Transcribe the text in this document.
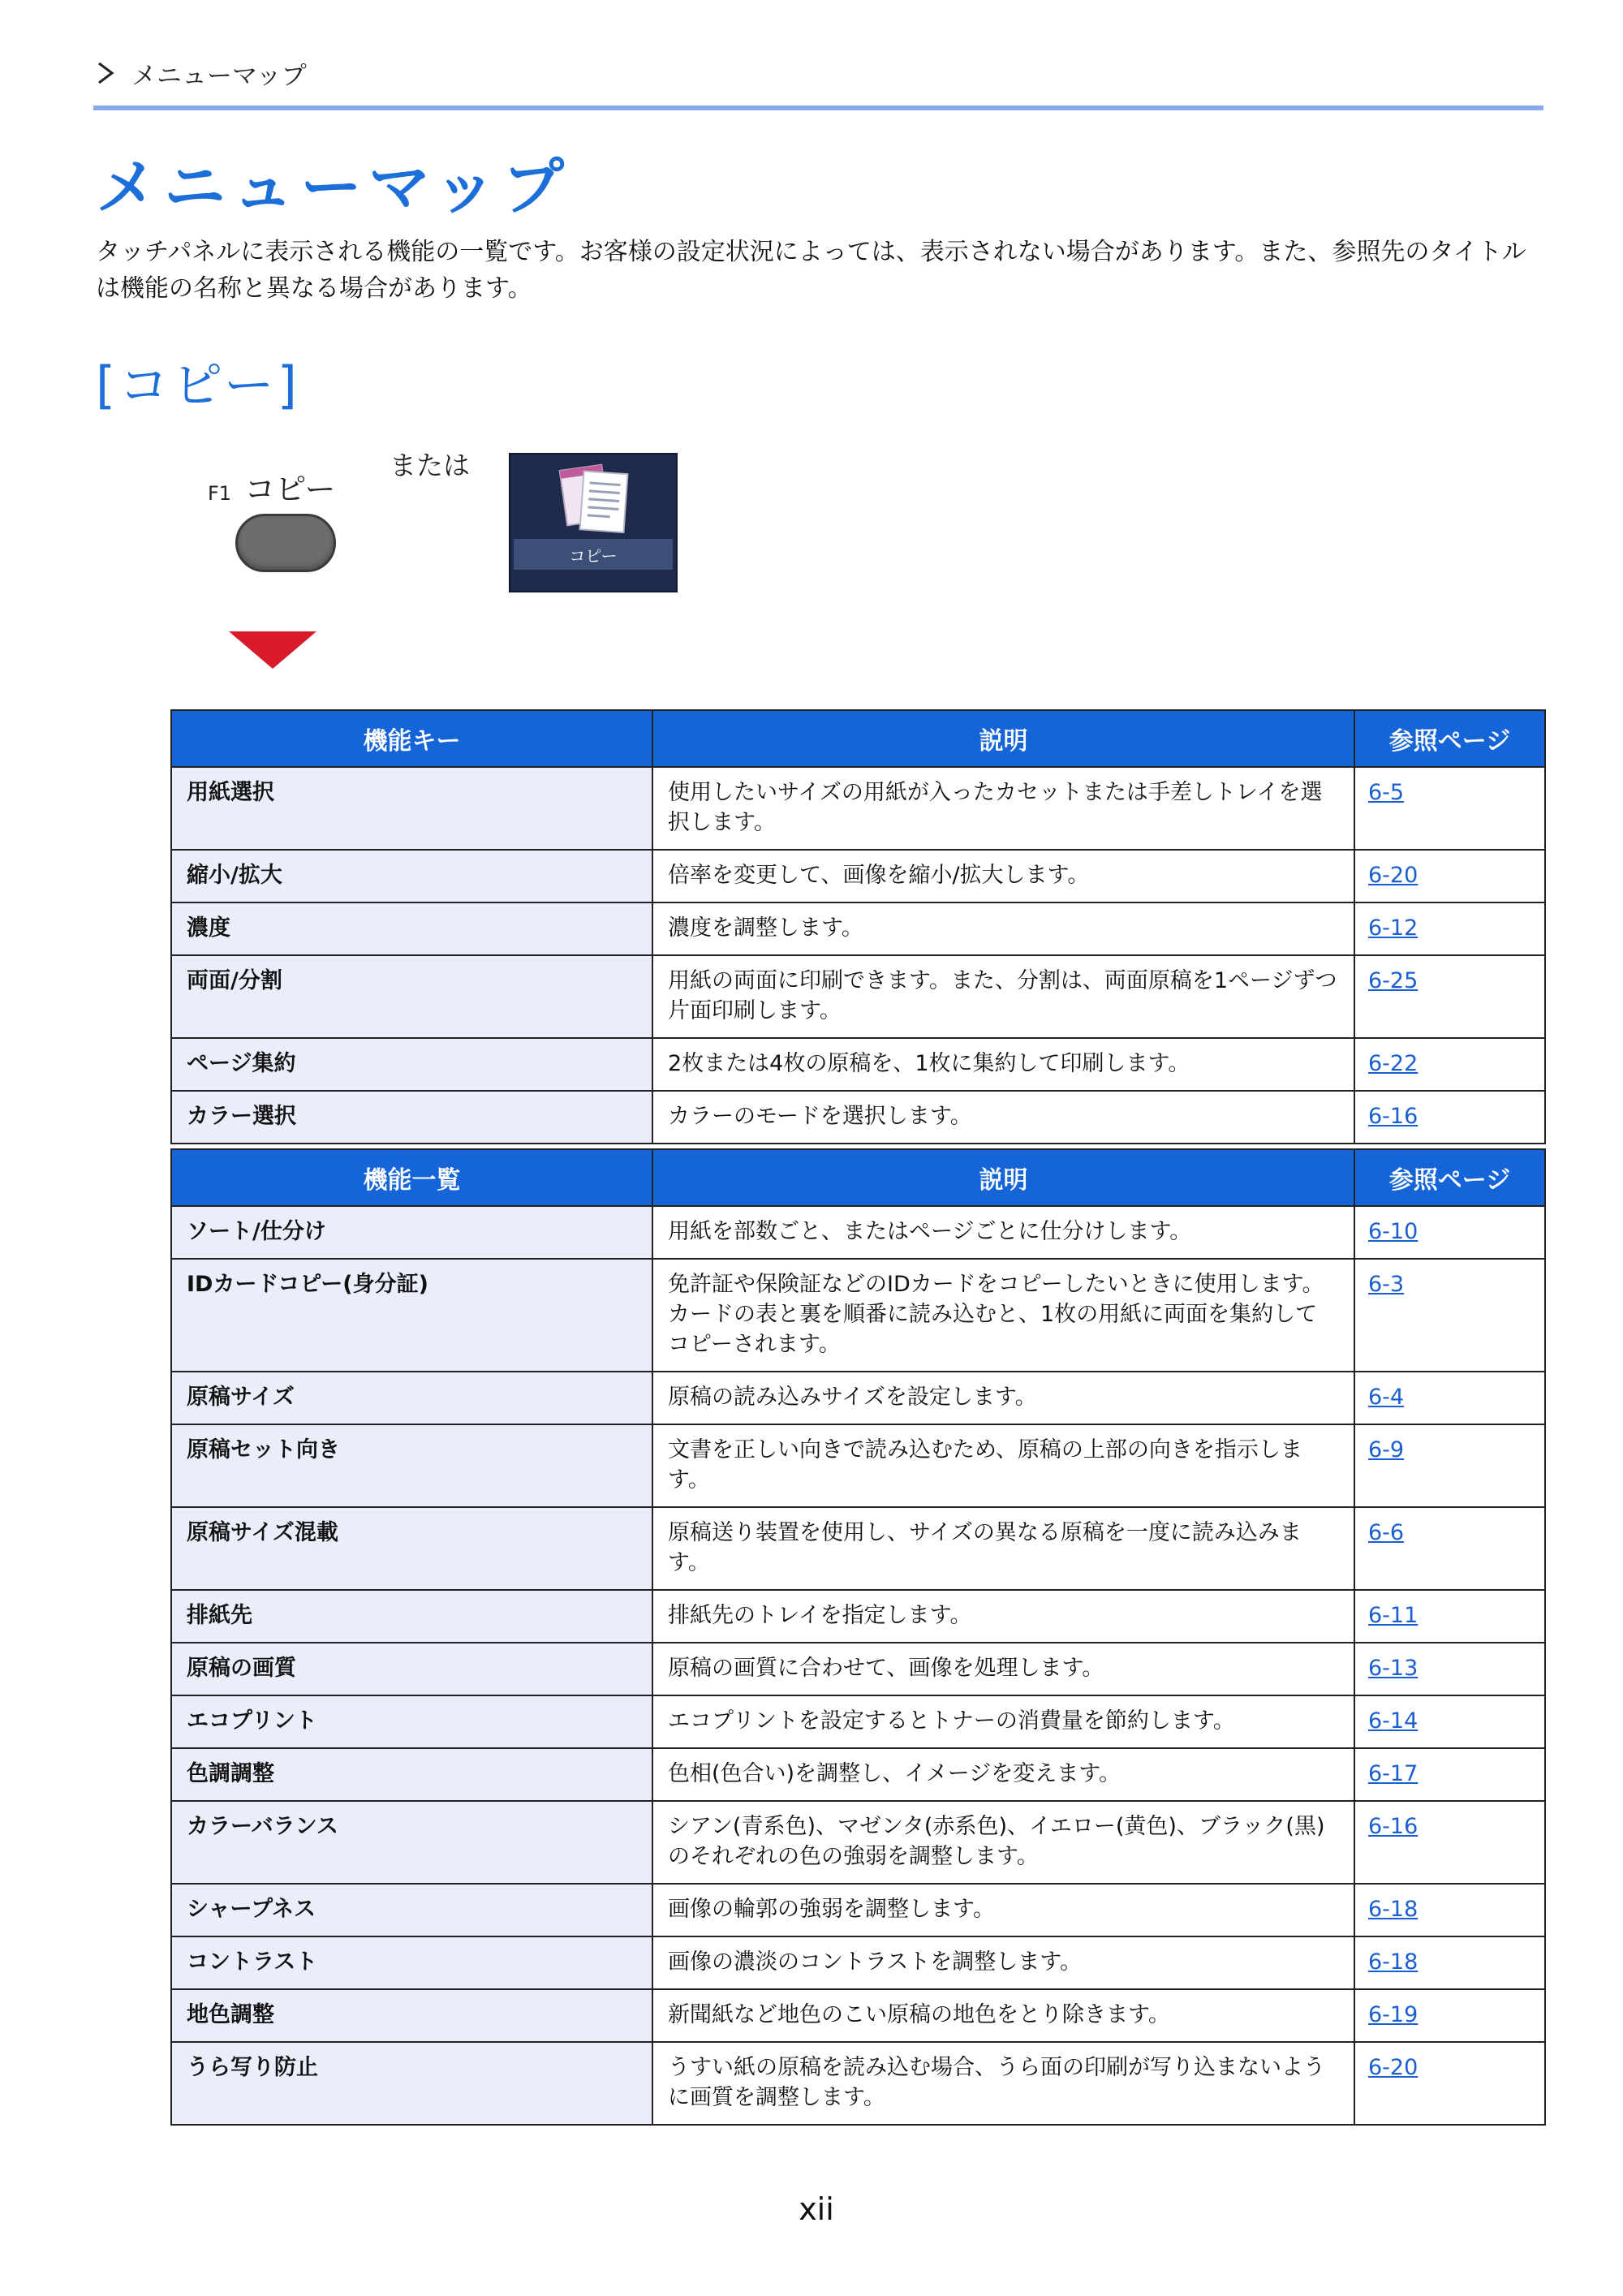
メニューマップ
メニューマップ

タッチパネルに表示される機能の一覧です。お客様の設定状況によっては、表示されない場合があります。また、参照先のタイトルは機能の名称と異なる場合があります。

[コピー]
F1 コピー
または
コピー
機能キー	説明	参照ページ
用紙選択	使用したいサイズの用紙が入ったカセットまたは手差しトレイを選択します。	6-5
縮小/拡大	倍率を変更して、画像を縮小/拡大します。	6-20
濃度	濃度を調整します。	6-12
両面/分割	用紙の両面に印刷できます。また、分割は、両面原稿を1ページずつ片面印刷します。	6-25
ページ集約	2枚または4枚の原稿を、1枚に集約して印刷します。	6-22
カラー選択	カラーのモードを選択します。	6-16
機能一覧	説明	参照ページ
ソート/仕分け	用紙を部数ごと、またはページごとに仕分けします。	6-10
IDカードコピー(身分証)	免許証や保険証などのIDカードをコピーしたいときに使用します。カードの表と裏を順番に読み込むと、1枚の用紙に両面を集約してコピーされます。	6-3
原稿サイズ	原稿の読み込みサイズを設定します。	6-4
原稿セット向き	文書を正しい向きで読み込むため、原稿の上部の向きを指示します。	6-9
原稿サイズ混載	原稿送り装置を使用し、サイズの異なる原稿を一度に読み込みます。	6-6
排紙先	排紙先のトレイを指定します。	6-11
原稿の画質	原稿の画質に合わせて、画像を処理します。	6-13
エコプリント	エコプリントを設定するとトナーの消費量を節約します。	6-14
色調調整	色相(色合い)を調整し、イメージを変えます。	6-17
カラーバランス	シアン(青系色)、マゼンタ(赤系色)、イエロー(黄色)、ブラック(黒)のそれぞれの色の強弱を調整します。	6-16
シャープネス	画像の輪郭の強弱を調整します。	6-18
コントラスト	画像の濃淡のコントラストを調整します。	6-18
地色調整	新聞紙など地色のこい原稿の地色をとり除きます。	6-19
うら写り防止	うすい紙の原稿を読み込む場合、うら面の印刷が写り込まないように画質を調整します。	6-20
xii
